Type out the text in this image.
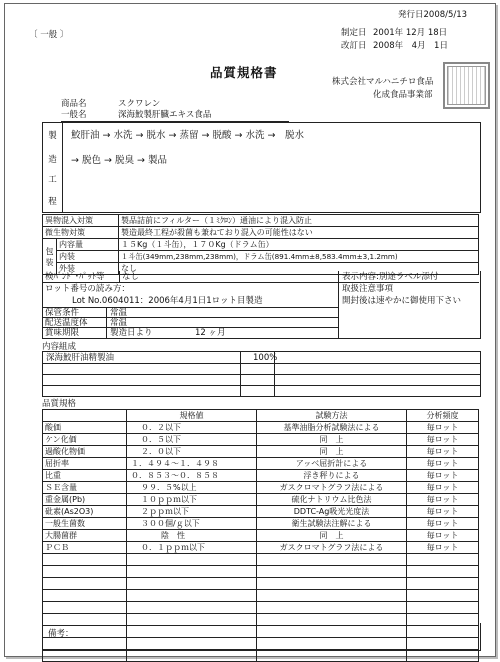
発行日2008/5/13
〔 一般 〕	制定日 2001年 12月 18日
改訂日 2008年　4月　1日
品質規格書
株式会社マルハニチロ食品
化成食品事業部
商品名	スクワレン
一般名	深海鮫製肝臓エキス食品
製
造
工
程
鮫肝油 → 水洗 → 脱水 → 蒸留 → 脱酸 → 水洗 →　脱水
→ 脱色 → 脱臭 → 製品
異物混入対策		製品詰前にフィルター（１ﾐｸﾛﾝ）通油により混入防止
微生物対策		製造最終工程が殺菌も兼ねており混入の可能性はない
包装	内容量	１５Kg（１斗缶），１７０Kg（ドラム缶）
	内装	１斗缶(349mm,238mm,238mm)，ドラム缶(891.4mm±8,583.4mm±3,1.2mm)
	外装	なし
検ﾊﾞﾝﾄﾞ･ﾊﾟｯﾄ等 なし	表示内容:別途ラベル添付
取扱注意事項
開封後は速やかに御使用下さい
ロット番号の読み方：
Lot No.0604011：2006年4月1日1ロット目製造
保管条件	常温
配送温度体	常温
賞味期限	製造日より　　　　　12 ヶ月
内容組成
深海鮫肝油精製油	100%
品質規格
	規格値	試験方法	分析頻度
酸価	０．２以下	基準油脂分析試験法による	毎ロット
ケン化価	０．５以下	同　上	毎ロット
過酸化物価	２．０以下	同　上	毎ロット
屈折率	１．４９４～１．４９８	アッベ屈折計による	毎ロット
比重	０．８５３～０．８５８	浮き秤りによる	毎ロット
ＳＥ含量	９９．５%以上	ガスクロマトグラフ法による	毎ロット
重金属(Pb)	１０ｐｐｍ以下	硫化ナトリウム比色法	毎ロット
砒素(As2O3)	２ｐｐｍ以下	DDTC-Ag吸光光度法	毎ロット
一般生菌数	３００個/ｇ以下	衛生試験法注解による	毎ロット
大腸菌群	陰　性	同　上	毎ロット
ＰＣＢ	０．１ｐｐｍ以下	ガスクロマトグラフ法による	毎ロット

備考：
